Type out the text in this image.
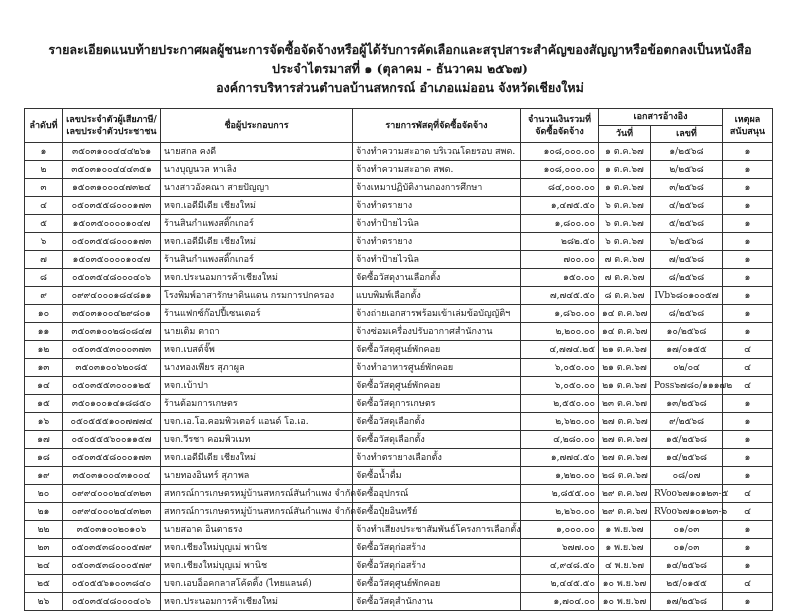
รายละเอียดแนบท้ายประกาศผลผู้ชนะการจัดซื้อจัดจ้างหรือผู้ได้รับการคัดเลือกและสรุปสาระสำคัญของสัญญาหรือข้อตกลงเป็นหนังสือ
ประจำไตรมาสที่ ๑ (ตุลาคม - ธันวาคม ๒๕๖๗)
องค์การบริหารส่วนตำบลบ้านสหกรณ์ อำเภอแม่ออน จังหวัดเชียงใหม่
ลำดับที่	เลขประจำตัวผู้เสียภาษี/
เลขประจำตัวประชาชน	ชื่อผู้ประกอบการ	รายการพัสดุที่จัดซื้อจัดจ้าง	จำนวนเงินรวมที่
จัดซื้อจัดจ้าง	เอกสารอ้างอิง		เหตุผล
สนับสนุน
					วันที่	เลขที่	
๑	๓๕๐๓๑๐๐๔๔๔๒๖๑	นายสกล คงดี	จ้างทำความสะอาด บริเวณโดยรอบ สพด.	๑๐๘,๐๐๐.๐๐	๑ ต.ค.๖๗	๑/๒๕๖๘	๑
๒	๓๕๐๓๑๐๐๔๔๔๓๕๑	นางบุญนวล หาเลิง	จ้างทำความสะอาด สพด.	๑๐๘,๐๐๐.๐๐	๑ ต.ค.๖๗	๒/๒๕๖๘	๑
๓	๑๕๐๓๑๐๐๐๔๗๓๒๔	นางสาวอังคณา สายปัญญา	จ้างเหมาปฏิบัติงานกองการศึกษา	๘๔,๐๐๐.๐๐	๑ ต.ค.๖๗	๓/๒๕๖๘	๑
๔	๐๕๐๓๕๕๘๐๐๐๑๗๓	หจก.เอดีมีเดีย เชียงใหม่	จ้างทำตรายาง	๑,๔๗๕.๕๐	๖ ต.ค.๖๗	๔/๒๕๖๘	๑
๕	๑๕๐๓๕๐๐๐๐๑๐๔๗	ร้านสินกำแพงสติ๊กเกอร์	จ้างทำป้ายไวนิล	๑,๘๐๐.๐๐	๖ ต.ค.๖๗	๕/๒๕๖๘	๑
๖	๐๕๐๓๕๕๘๐๐๐๑๗๓	หจก.เอดีมีเดีย เชียงใหม่	จ้างทำตรายาง	๒๘๒.๕๐	๖ ต.ค.๖๗	๖/๒๕๖๘	๑
๗	๑๕๐๓๕๐๐๐๐๑๐๔๗	ร้านสินกำแพงสติ๊กเกอร์	จ้างทำป้ายไวนิล	๗๐๐.๐๐	๗ ต.ค.๖๗	๗/๒๕๖๘	๑
๘	๐๕๐๓๕๔๘๐๐๐๔๐๖	หจก.ประนอมการค้าเชียงใหม่	จัดซื้อวัสดุงานเลือกตั้ง	๑๕๐.๐๐	๗ ต.ค.๖๗	๘/๒๕๖๘	๑
๙	๐๙๙๔๐๐๐๑๘๔๘๑๑	โรงพิมพ์อาสารักษาดินแดน กรมการปกครอง	แบบพิมพ์เลือกตั้ง	๗,๗๔๕.๕๐	๘ ต.ค.๖๗	IVb๖๘๐๑๐๐๕๗	๑
๑๐	๓๕๐๓๑๐๐๔๒๙๘๐๑	ร้านแฟกซ์ก๊อปปี้เซนเตอร์	จ้างถ่ายเอกสารพร้อมเข้าเล่มข้อบัญญัติฯ	๑,๘๖๐.๐๐	๑๔ ต.ค.๖๗	๘/๒๕๖๘	๑
๑๑	๓๕๐๓๑๐๐๒๘๐๘๔๗	นายเติม ตาถา	จ้างซ่อมเครื่องปรับอากาศสำนักงาน	๒,๒๐๐.๐๐	๑๔ ต.ค.๖๗	๑๐/๒๕๖๘	๑
๑๒	๐๕๐๓๕๕๓๐๐๐๓๗๓	หจก.เบสต์จั๊พ	จัดซื้อวัสดุศูนย์พักคอย	๔,๗๗๔.๒๕	๒๑ ต.ค.๖๗	๑๗/๐๑๕๕	๔
๑๓	๓๕๐๓๑๐๐๖๒๐๘๕	นางทองเพียร สุภาผูล	จ้างทำอาหารศูนย์พักคอย	๖,๐๕๐.๐๐	๒๑ ต.ค.๖๗	๐๒/๐๔	๔
๑๔	๐๕๐๓๕๕๓๐๐๐๑๒๕	หจก.เบ้าปา	จัดซื้อวัสดุศูนย์พักคอย	๖,๐๕๐.๐๐	๒๑ ต.ค.๖๗	Poss๖๗๘๐/๑๑๑๗๒	๔
๑๕	๓๕๐๑๐๐๑๔๑๘๘๕๐	ร้านต้อมการเกษตร	จัดซื้อวัสดุการเกษตร	๒,๕๕๐.๐๐	๒๓ ต.ค.๖๗	๑๓/๒๕๖๘	๑
๑๖	๐๕๐๕๕๕๑๐๐๗๗๗๔	บจก.เอ.โอ.คอมพิวเตอร์ แอนด์ โอ.เอ.	จัดซื้อวัสดุเลือกตั้ง	๒,๖๒๐.๐๐	๒๗ ต.ค.๖๗	๙/๒๕๖๘	๑
๑๗	๐๕๐๕๕๕๖๐๐๑๑๕๗	บจก.วีรชา คอมพิวเมท	จัดซื้อวัสดุเลือกตั้ง	๔,๒๘๐.๐๐	๒๗ ต.ค.๖๗	๑๕/๒๕๖๘	๑
๑๘	๐๕๐๓๕๕๘๐๐๐๑๗๓	หจก.เอดีมีเดีย เชียงใหม่	จ้างทำตรายางเลือกตั้ง	๑,๗๗๔.๕๐	๒๗ ต.ค.๖๗	๑๔/๒๕๖๘	๑
๑๙	๓๕๐๓๑๐๐๔๓๑๐๐๔	นายทองอินทร์ สุภาพล	จัดซื้อน้ำดื่ม	๑,๒๒๐.๐๐	๒๘ ต.ค.๖๗	๐๘/๐๗	๑
๒๐	๐๙๙๔๐๐๐๒๔๔๓๒๓	สหกรณ์การเกษตรหมู่บ้านสหกรณ์สันกำแพง จำกัด	จัดซื้ออุปกรณ์	๒,๘๕๕.๐๐	๒๙ ต.ค.๖๗	RVoo๖๗๑๐๑๒๓-๕	๔
๒๑	๐๙๙๔๐๐๐๒๔๔๓๒๓	สหกรณ์การเกษตรหมู่บ้านสหกรณ์สันกำแพง จำกัด	จัดซื้อปุ๋ยอินทรีย์	๒,๒๖๐.๐๐	๒๙ ต.ค.๖๗	RVoo๖๗๑๐๑๒๓-๖	๔
๒๒	๓๕๐๓๑๐๐๒๐๑๐๖	นายสอาด อินตาธรง	จ้างทำเสียงประชาสัมพันธ์โครงการเลือกตั้ง	๑,๐๐๐.๐๐	๑ พ.ย.๖๗	๐๑/๐๓	๑
๒๓	๐๕๐๓๕๓๘๐๐๐๕๗๙	หจก.เชียงใหม่บุญเม่ พานิช	จัดซื้อวัสดุก่อสร้าง	๖๗๗.๐๐	๑ พ.ย.๖๗	๐๑/๐๓	๑
๒๔	๐๕๐๓๕๓๘๐๐๐๕๗๙	หจก.เชียงใหม่บุญเม่ พานิช	จัดซื้อวัสดุก่อสร้าง	๔,๙๔๘.๕๐	๔ พ.ย.๖๗	๑๔/๒๕๖๘	๑
๒๕	๐๕๐๕๕๖๑๐๐๓๘๔๐	บจก.เอบอ็อคกลาสโค้ดติ้ง (ไทยแลนด์)	จัดซื้อวัสดุศูนย์พักคอย	๒,๔๔๕.๕๐	๑๐ พ.ย.๖๗	๒๕/๐๑๕๕	๔
๒๖	๐๕๐๓๕๔๘๐๐๐๔๐๖	หจก.ประนอมการค้าเชียงใหม่	จัดซื้อวัสดุสำนักงาน	๑,๗๐๔.๐๐	๑๐ พ.ย.๖๗	๑๗/๒๕๖๘	๑
